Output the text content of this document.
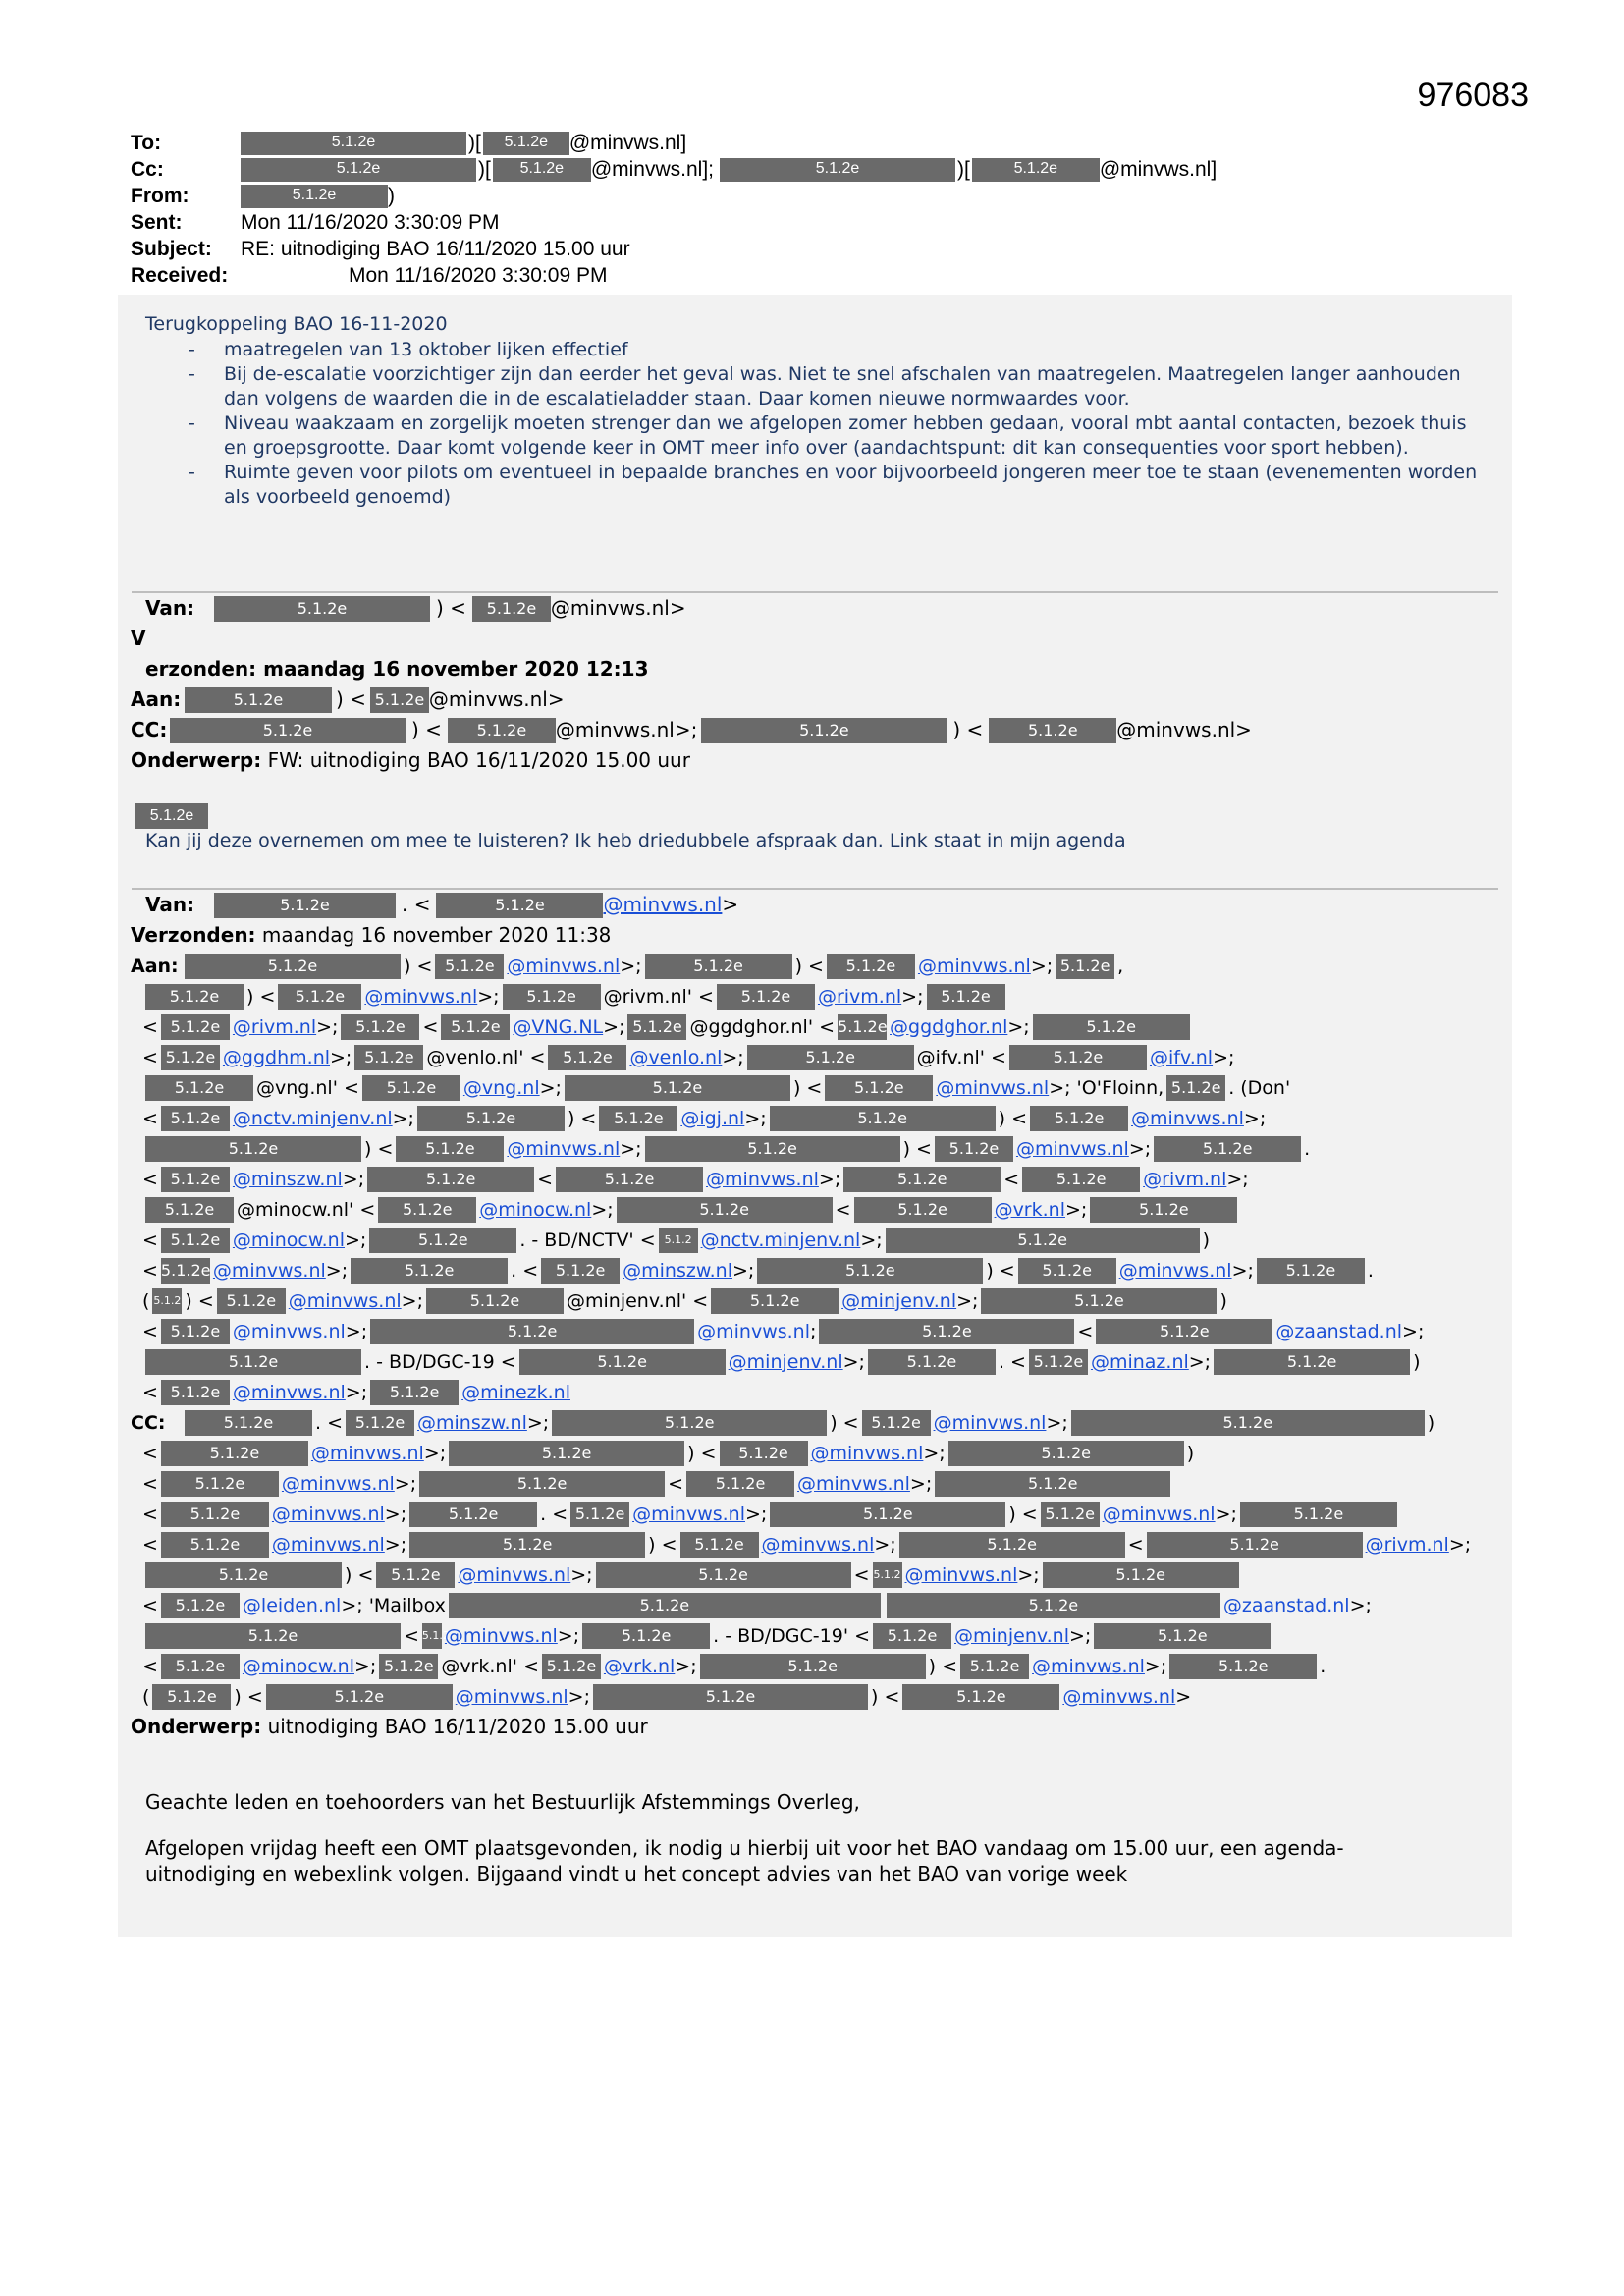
976083
To:	5.1.2e	)[	5.1.2e	@minvws.nl]
Cc:	5.1.2e	)[	5.1.2e	@minvws.nl];	5.1.2e	)[	5.1.2e	@minvws.nl]
From:	5.1.2e	)
Sent:	Mon 11/16/2020 3:30:09 PM
Subject:	RE: uitnodiging BAO 16/11/2020 15.00 uur
Received:	Mon 11/16/2020 3:30:09 PM
Terugkoppeling BAO 16-11-2020
- maatregelen van 13 oktober lijken effectief
- Bij de-escalatie voorzichtiger zijn dan eerder het geval was. Niet te snel afschalen van maatregelen. Maatregelen langer aanhouden dan volgens de waarden die in de escalatieladder staan. Daar komen nieuwe normwaardes voor.
- Niveau waakzaam en zorgelijk moeten strenger dan we afgelopen zomer hebben gedaan, vooral mbt aantal contacten, bezoek thuis en groepsgrootte. Daar komt volgende keer in OMT meer info over (aandachtspunt: dit kan consequenties voor sport hebben).
- Ruimte geven voor pilots om eventueel in bepaalde branches en voor bijvoorbeeld jongeren meer toe te staan (evenementen worden als voorbeeld genoemd)
Van:	5.1.2e	) <	5.1.2e @minvws.nl>
V
erzonden: maandag 16 november 2020 12:13
Aan:	5.1.2e	) < 5.1.2e @minvws.nl>
CC:	5.1.2e	) <	5.1.2e	@minvws.nl>;	5.1.2e	) <	5.1.2e	@minvws.nl>
Onderwerp: FW: uitnodiging BAO 16/11/2020 15.00 uur
5.1.2e
Kan jij deze overnemen om mee te luisteren? Ik heb driedubbele afspraak dan. Link staat in mijn agenda
Van:	5.1.2e	. <	5.1.2e	@minvws.nl >
Verzonden: maandag 16 november 2020 11:38
Aan:	5.1.2e	) < 5.1.2e @minvws.nl >;	5.1.2e	) <	5.1.2e	@minvws.nl >; 5.1.2e ,
5.1.2e	) <	5.1.2e	@minvws.nl >;	5.1.2e	@rivm.nl' <	5.1.2e	@rivm.nl >;	5.1.2e
< 5.1.2e @rivm.nl >;	5.1.2e < 5.1.2e @VNG.NL >; 5.1.2e @ggdghor.nl' < 5.1.2e @ggdghor.nl >;	5.1.2e
< 5.1.2e @ggdhm.nl >; 5.1.2e @venlo.nl' <	5.1.2e @venlo.nl >;	5.1.2e	@ifv.nl' <	5.1.2e	@ifv.nl >;
5.1.2e	@vng.nl' <	5.1.2e	@vng.nl >;	5.1.2e	) <	5.1.2e	@minvws.nl >; 'O'Floinn, 5.1.2e . (Don'
< 5.1.2e @nctv.minjenv.nl >;	5.1.2e	) <	5.1.2e @igj.nl >;	5.1.2e	) <	5.1.2e	@minvws.nl >;
5.1.2e	) <	5.1.2e	@minvws.nl >;	5.1.2e	) <	5.1.2e @minvws.nl >;	5.1.2e	.
< 5.1.2e @minszw.nl >;	5.1.2e	<	5.1.2e	@minvws.nl >;	5.1.2e	<	5.1.2e	@rivm.nl >;
5.1.2e	@minocw.nl' <	5.1.2e	@minocw.nl >;	5.1.2e	<	5.1.2e	@vrk.nl >;	5.1.2e
< 5.1.2e @minocw.nl >;	5.1.2e	. - BD/NCTV' < 5.1.2 @nctv.minjenv.nl >;	5.1.2e	)
< 5.1.2e @minvws.nl >;	5.1.2e	. <	5.1.2e @minszw.nl >;	5.1.2e	) <	5.1.2e	@minvws.nl >;	5.1.2e	.
( 5.1.2 ) < 5.1.2e @minvws.nl >;	5.1.2e	@minjenv.nl' <	5.1.2e	@minjenv.nl >;	5.1.2e	)
< 5.1.2e @minvws.nl >;	5.1.2e	@minvws.nl ;	5.1.2e	<	5.1.2e	@zaanstad.nl >;
5.1.2e	. - BD/DGC-19 <	5.1.2e	@minjenv.nl >;	5.1.2e	. < 5.1.2e @minaz.nl >;	5.1.2e	)
< 5.1.2e @minvws.nl >;	5.1.2e	@minezk.nl
CC:	5.1.2e	. < 5.1.2e @minszw.nl >;	5.1.2e	) < 5.1.2e @minvws.nl >;	5.1.2e	)
<	5.1.2e	@minvws.nl >;	5.1.2e	) <	5.1.2e	@minvws.nl >;	5.1.2e	)
<	5.1.2e	@minvws.nl >;	5.1.2e	<	5.1.2e	@minvws.nl >;	5.1.2e
<	5.1.2e	@minvws.nl >;	5.1.2e	. < 5.1.2e @minvws.nl >;	5.1.2e	) < 5.1.2e @minvws.nl >;	5.1.2e
<	5.1.2e	@minvws.nl >;	5.1.2e	) <	5.1.2e @minvws.nl >;	5.1.2e	<	5.1.2e	@rivm.nl >;
5.1.2e	) <	5.1.2e @minvws.nl >;	5.1.2e	< 5.1.2 @minvws.nl >;	5.1.2e
<	5.1.2e @leiden.nl >; 'Mailbox	5.1.2e	5.1.2e	@zaanstad.nl >;
5.1.2e	< 5.1.2
@minvws.nl >;	5.1.2e	. - BD/DGC-19' <	5.1.2e @minjenv.nl >;	5.1.2e
<	5.1.2e @minocw.nl >; 5.1.2e @vrk.nl' < 5.1.2e @vrk.nl >;	5.1.2e	) < 5.1.2e @minvws.nl >;	5.1.2e	.
(	5.1.2e ) <	5.1.2e	@minvws.nl >;	5.1.2e	) <	5.1.2e	@minvws.nl >
Onderwerp: uitnodiging BAO 16/11/2020 15.00 uur
Geachte leden en toehoorders van het Bestuurlijk Afstemmings Overleg,
Afgelopen vrijdag heeft een OMT plaatsgevonden, ik nodig u hierbij uit voor het BAO vandaag om 15.00 uur, een agenda-
uitnodiging en webexlink volgen. Bijgaand vindt u het concept advies van het BAO van vorige week
